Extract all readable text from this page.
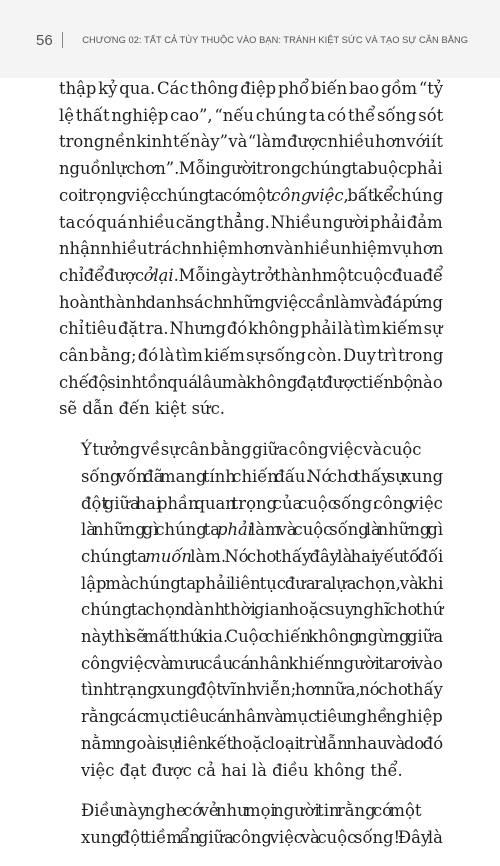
56	CHƯƠNG 02: TẤT CẢ TÙY THUỘC VÀO BẠN: TRÁNH KIỆT SỨC VÀ TẠO SỰ CÂN BẰNG

thập kỷ qua. Các thông điệp phổ biến bao gồm “tỷ
lệ thất nghiệp cao”, “nếu chúng ta có thể sống sót
trong nền kinh tế này” và “làm được nhiều hơn với ít
nguồn lực hơn”. Mỗi người trong chúng ta buộc phải
coi trọng việc chúng ta có một công việc, bất kể chúng
ta có quá nhiều căng thẳng. Nhiều người phải đảm
nhận nhiều trách nhiệm hơn và nhiều nhiệm vụ hơn
chỉ để được ở lại. Mỗi ngày trở thành một cuộc đua để
hoàn thành danh sách những việc cần làm và đáp ứng
chỉ tiêu đặt ra. Nhưng đó không phải là tìm kiếm sự
cân bằng; đó là tìm kiếm sự sống còn. Duy trì trong
chế độ sinh tồn quá lâu mà không đạt được tiến bộ nào
sẽ dẫn đến kiệt sức.

Ý tưởng về sự cân bằng giữa công việc và cuộc
sống vốn đã mang tính chiến đấu. Nó cho thấy sự xung
đột giữa hai phần quan trọng của cuộc sống: công việc
là những gì chúng ta phải làm và cuộc sống là những gì
chúng ta muốn làm. Nó cho thấy đây là hai yếu tố đối
lập mà chúng ta phải liên tục đưa ra lựa chọn, và khi
chúng ta chọn dành thời gian hoặc suy nghĩ cho thứ
này thì sẽ mất thứ kia. Cuộc chiến không ngừng giữa
công việc và mưu cầu cá nhân khiến người ta rơi vào
tình trạng xung đột vĩnh viễn; hơn nữa, nó cho thấy
rằng các mục tiêu cá nhân và mục tiêu nghề nghiệp
nằm ngoài sự liên kết hoặc loại trừ lẫn nhau và do đó
việc đạt được cả hai là điều không thể.

Điều này nghe có vẻ như mọi người tin rằng có một
xung đột tiềm ẩn giữa công việc và cuộc sống! Đây là
